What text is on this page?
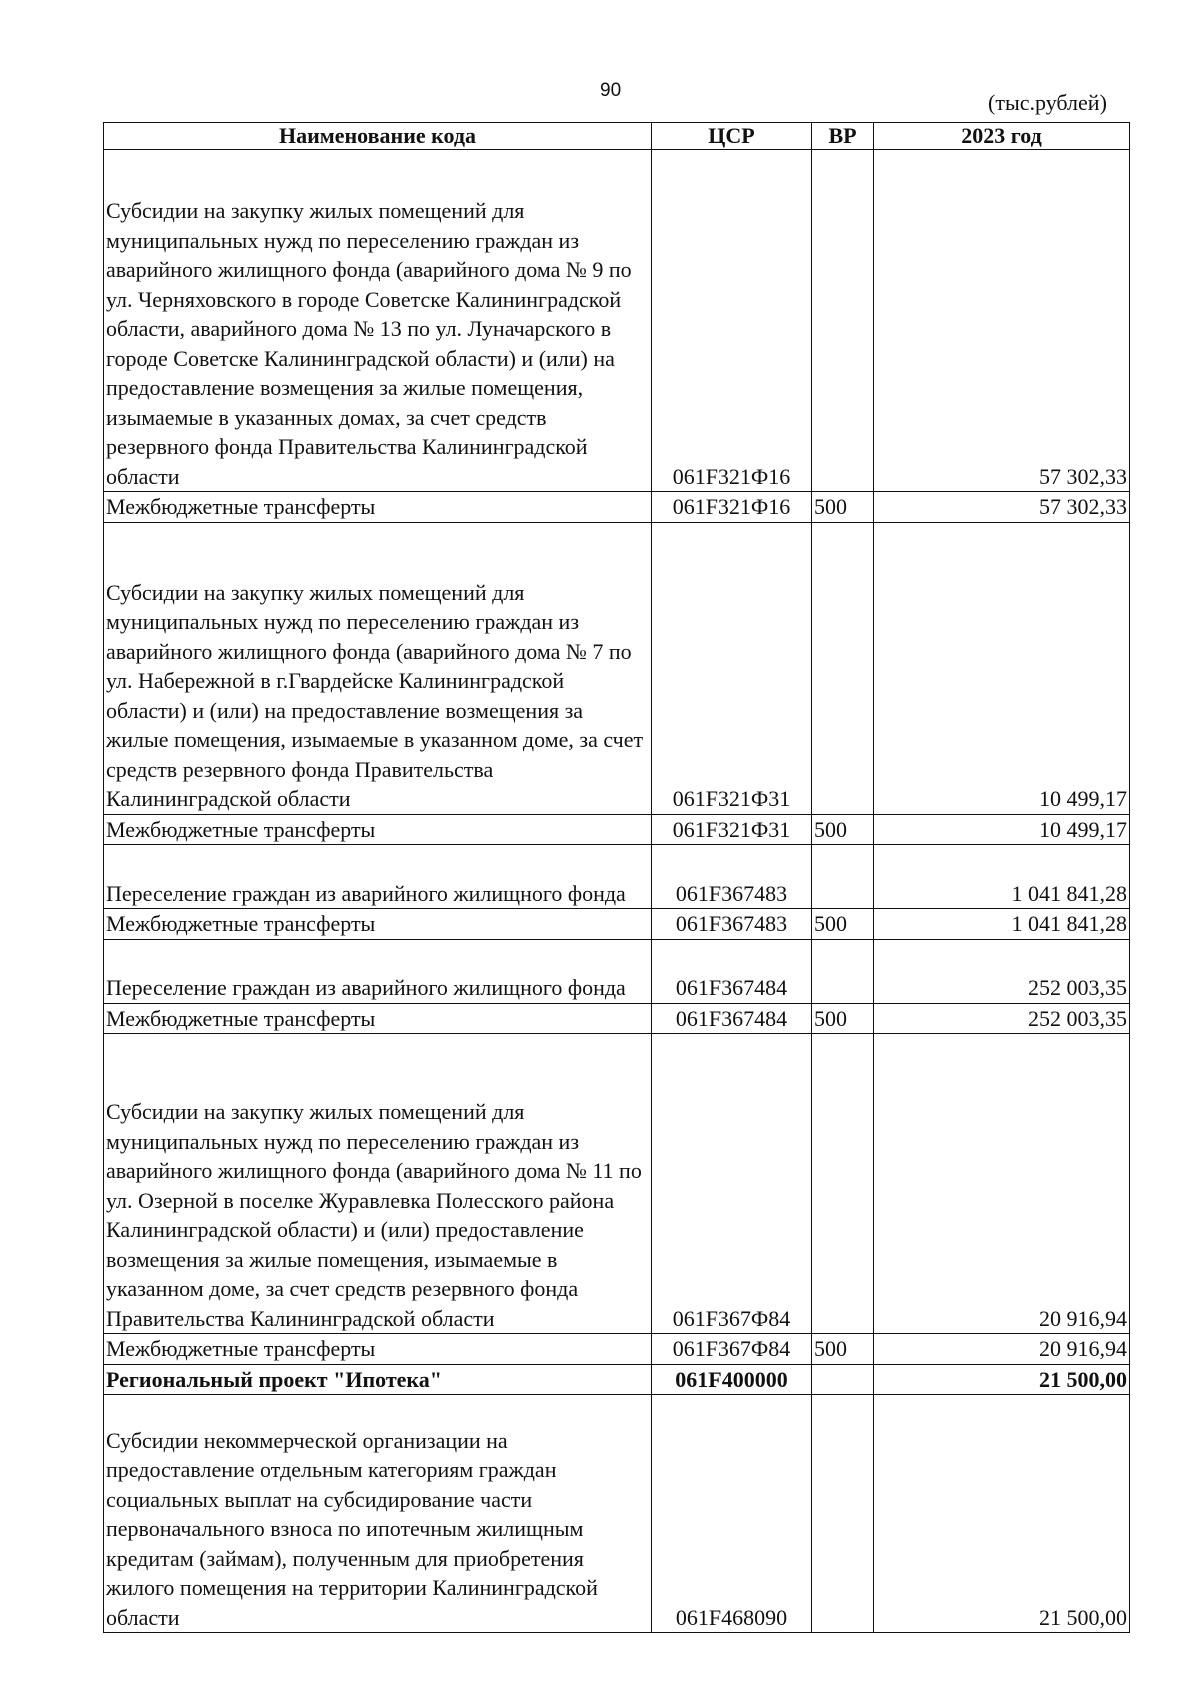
90	(тыс.рублей)
Наименование кода	ЦСР	ВР	2023 год
Субсидии на закупку жилых помещений для муниципальных нужд по переселению граждан из аварийного жилищного фонда (аварийного дома № 9 по ул. Черняховского в городе Советске Калининградской области, аварийного дома № 13 по ул. Луначарского в городе Советске Калининградской области) и (или) на предоставление возмещения за жилые помещения, изымаемые в указанных домах, за счет средств резервного фонда Правительства Калининградской области	061F321Ф16		57 302,33
Межбюджетные трансферты	061F321Ф16	500	57 302,33
Субсидии на закупку жилых помещений для муниципальных нужд по переселению граждан из аварийного жилищного фонда (аварийного дома № 7 по ул. Набережной в г.Гвардейске Калининградской области) и (или) на предоставление возмещения за жилые помещения, изымаемые в указанном доме, за счет средств резервного фонда Правительства Калининградской области	061F321Ф31		10 499,17
Межбюджетные трансферты	061F321Ф31	500	10 499,17
Переселение граждан из аварийного жилищного фонда	061F367483		1 041 841,28
Межбюджетные трансферты	061F367483	500	1 041 841,28
Переселение граждан из аварийного жилищного фонда	061F367484		252 003,35
Межбюджетные трансферты	061F367484	500	252 003,35
Субсидии на закупку жилых помещений для муниципальных нужд по переселению граждан из аварийного жилищного фонда (аварийного дома № 11 по ул. Озерной в поселке Журавлевка Полесского района Калининградской области) и (или) предоставление возмещения за жилые помещения, изымаемые в указанном доме, за счет средств резервного фонда Правительства Калининградской области	061F367Ф84		20 916,94
Межбюджетные трансферты	061F367Ф84	500	20 916,94
Региональный проект "Ипотека"	061F400000		21 500,00
Субсидии некоммерческой организации на предоставление отдельным категориям граждан социальных выплат на субсидирование части первоначального взноса по ипотечным жилищным кредитам (займам), полученным для приобретения жилого помещения на территории Калининградской области	061F468090		21 500,00
